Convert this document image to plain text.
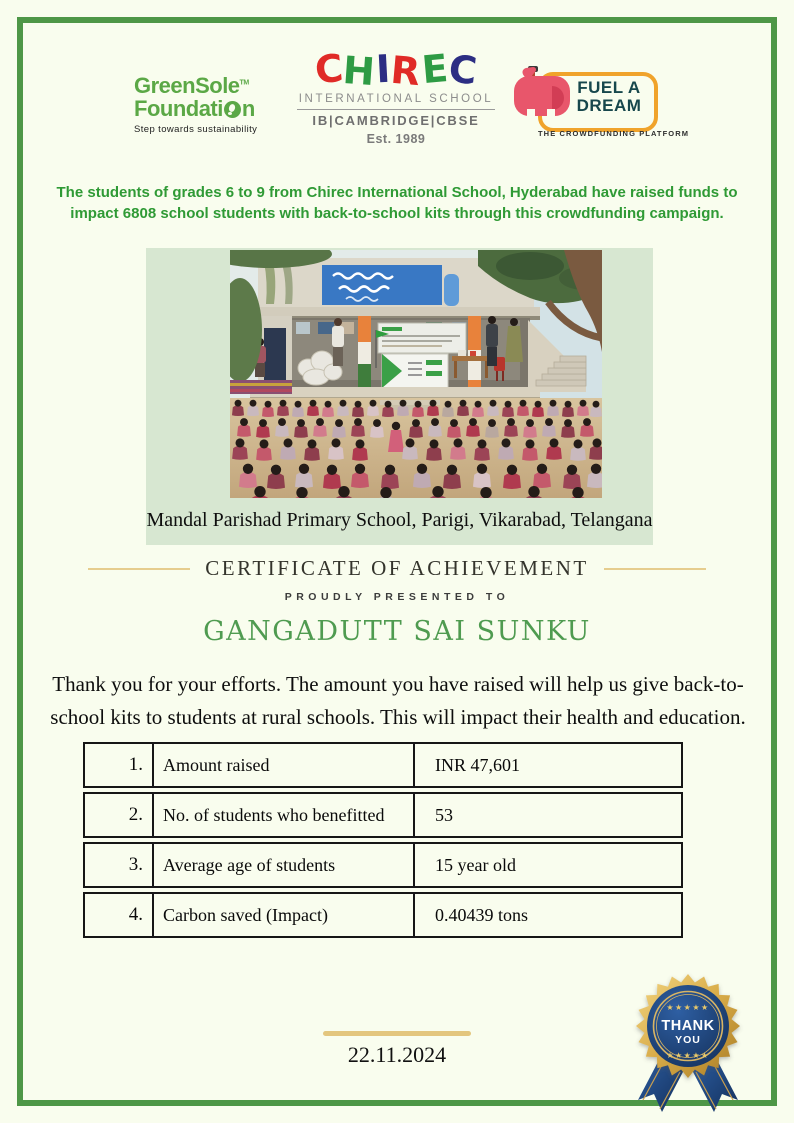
GreenSole™
Foundati n
Step towards sustainability
CHIREC
INTERNATIONAL SCHOOL
IB|CAMBRIDGE|CBSE
Est. 1989
FUEL A
DREAM
THE CROWDFUNDING PLATFORM
The students of grades 6 to 9 from Chirec International School, Hyderabad have raised funds to impact 6808 school students with back-to-school kits through this crowdfunding campaign.
Mandal Parishad Primary School, Parigi, Vikarabad, Telangana
CERTIFICATE OF ACHIEVEMENT
PROUDLY PRESENTED TO
GANGADUTT SAI SUNKU
Thank you for your efforts. The amount you have raised will help us give back-to-school kits to students at rural schools. This will impact their health and education.
1.	Amount raised	INR 47,601
2.	No. of students who benefitted	53
3.	Average age of students	15 year old
4.	Carbon saved (Impact)	0.40439 tons
22.11.2024
★★★★★
THANK
YOU
★★★★★
